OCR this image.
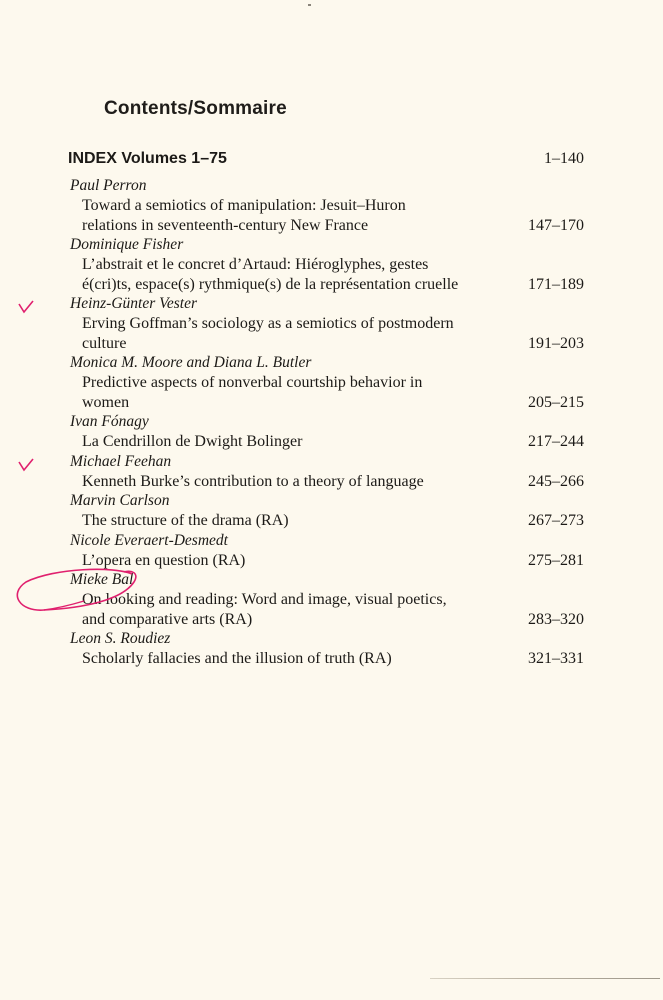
Contents/Sommaire
INDEX Volumes 1–75	1–140
Paul Perron
Toward a semiotics of manipulation: Jesuit–Huron
relations in seventeenth-century New France	147–170
Dominique Fisher
L’abstrait et le concret d’Artaud: Hiéroglyphes, gestes
é(cri)ts, espace(s) rythmique(s) de la représentation cruelle	171–189
Heinz-Günter Vester
Erving Goffman’s sociology as a semiotics of postmodern
culture	191–203
Monica M. Moore and Diana L. Butler
Predictive aspects of nonverbal courtship behavior in
women	205–215
Ivan Fónagy
La Cendrillon de Dwight Bolinger	217–244
Michael Feehan
Kenneth Burke’s contribution to a theory of language	245–266
Marvin Carlson
The structure of the drama (RA)	267–273
Nicole Everaert-Desmedt
L’opera en question (RA)	275–281
Mieke Bal
On looking and reading: Word and image, visual poetics,
and comparative arts (RA)	283–320
Leon S. Roudiez
Scholarly fallacies and the illusion of truth (RA)	321–331
